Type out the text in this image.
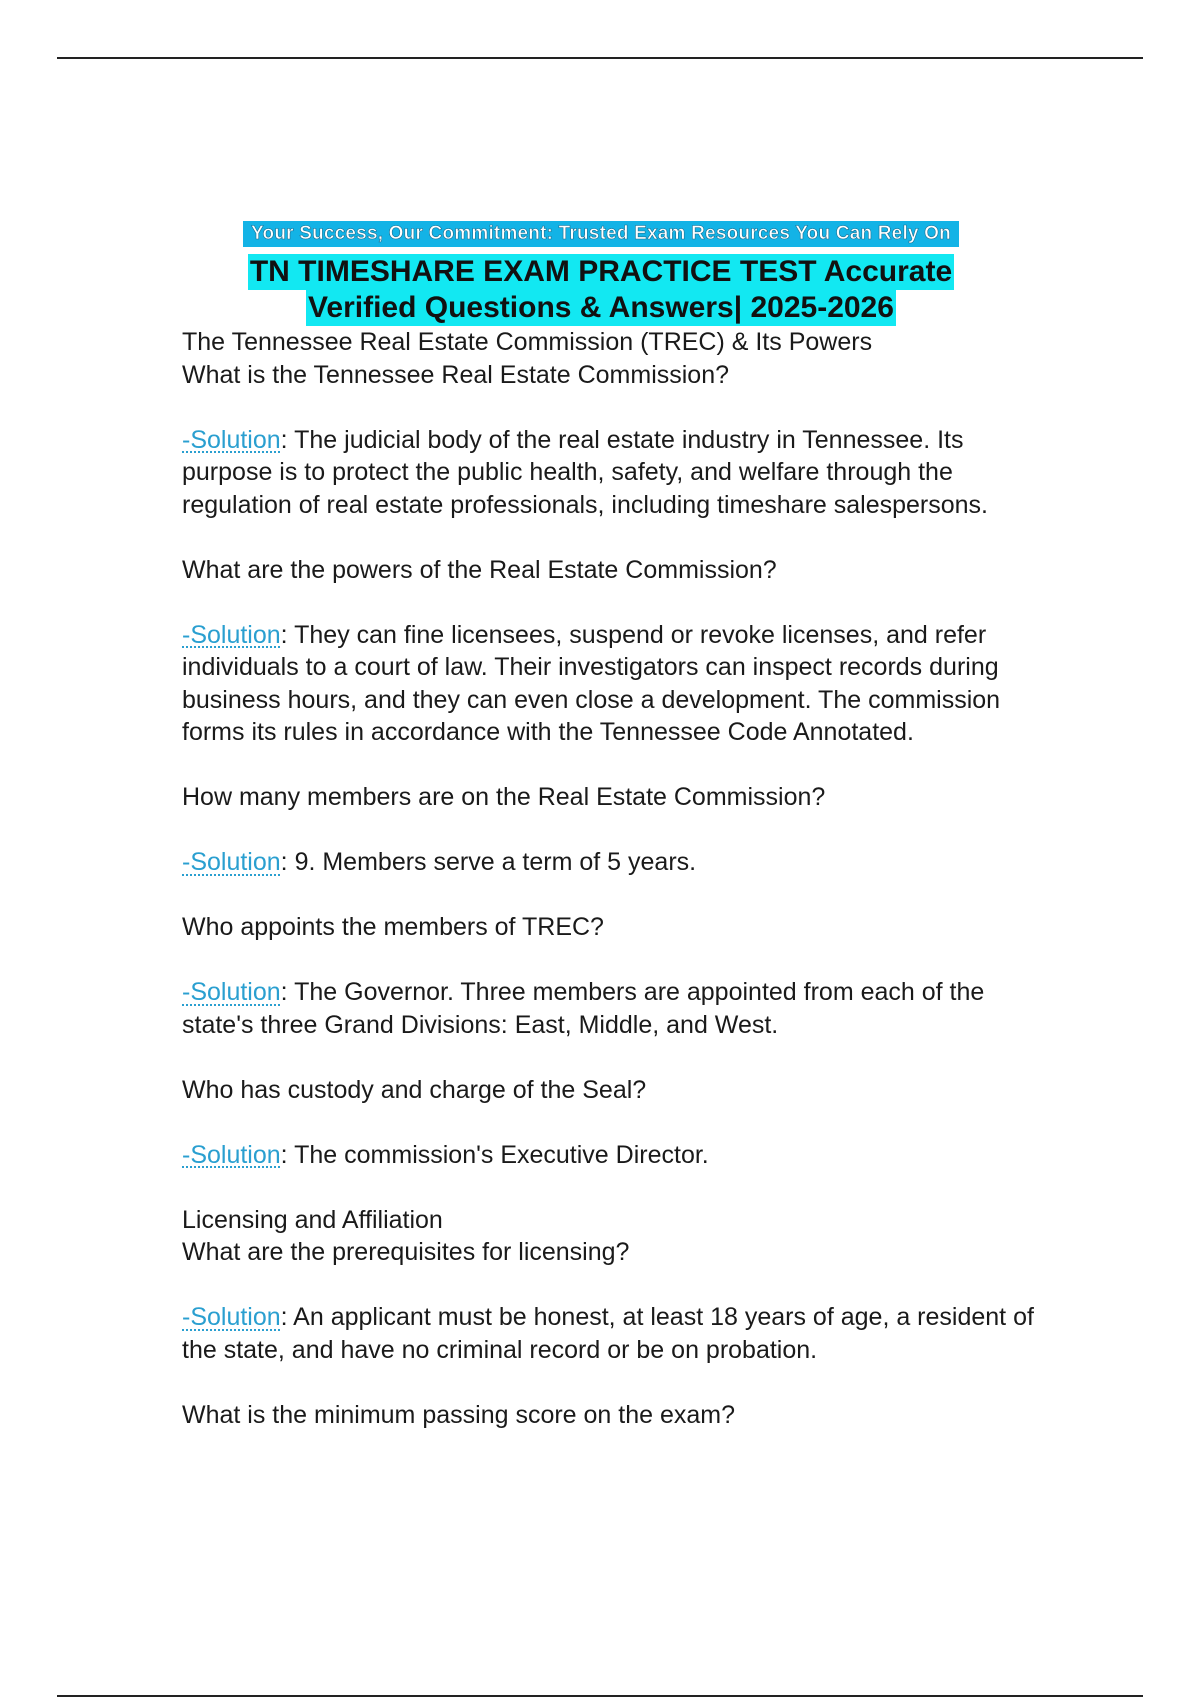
Your Success, Our Commitment: Trusted Exam Resources You Can Rely On
TN TIMESHARE EXAM PRACTICE TEST Accurate
Verified Questions & Answers| 2025-2026

The Tennessee Real Estate Commission (TREC) & Its Powers

What is the Tennessee Real Estate Commission?

-Solution: The judicial body of the real estate industry in Tennessee. Its purpose is to protect the public health, safety, and welfare through the regulation of real estate professionals, including timeshare salespersons.

What are the powers of the Real Estate Commission?

-Solution: They can fine licensees, suspend or revoke licenses, and refer individuals to a court of law. Their investigators can inspect records during business hours, and they can even close a development. The commission forms its rules in accordance with the Tennessee Code Annotated.

How many members are on the Real Estate Commission?

-Solution: 9. Members serve a term of 5 years.

Who appoints the members of TREC?

-Solution: The Governor. Three members are appointed from each of the state's three Grand Divisions: East, Middle, and West.

Who has custody and charge of the Seal?

-Solution: The commission's Executive Director.

Licensing and Affiliation

What are the prerequisites for licensing?

-Solution: An applicant must be honest, at least 18 years of age, a resident of the state, and have no criminal record or be on probation.

What is the minimum passing score on the exam?
